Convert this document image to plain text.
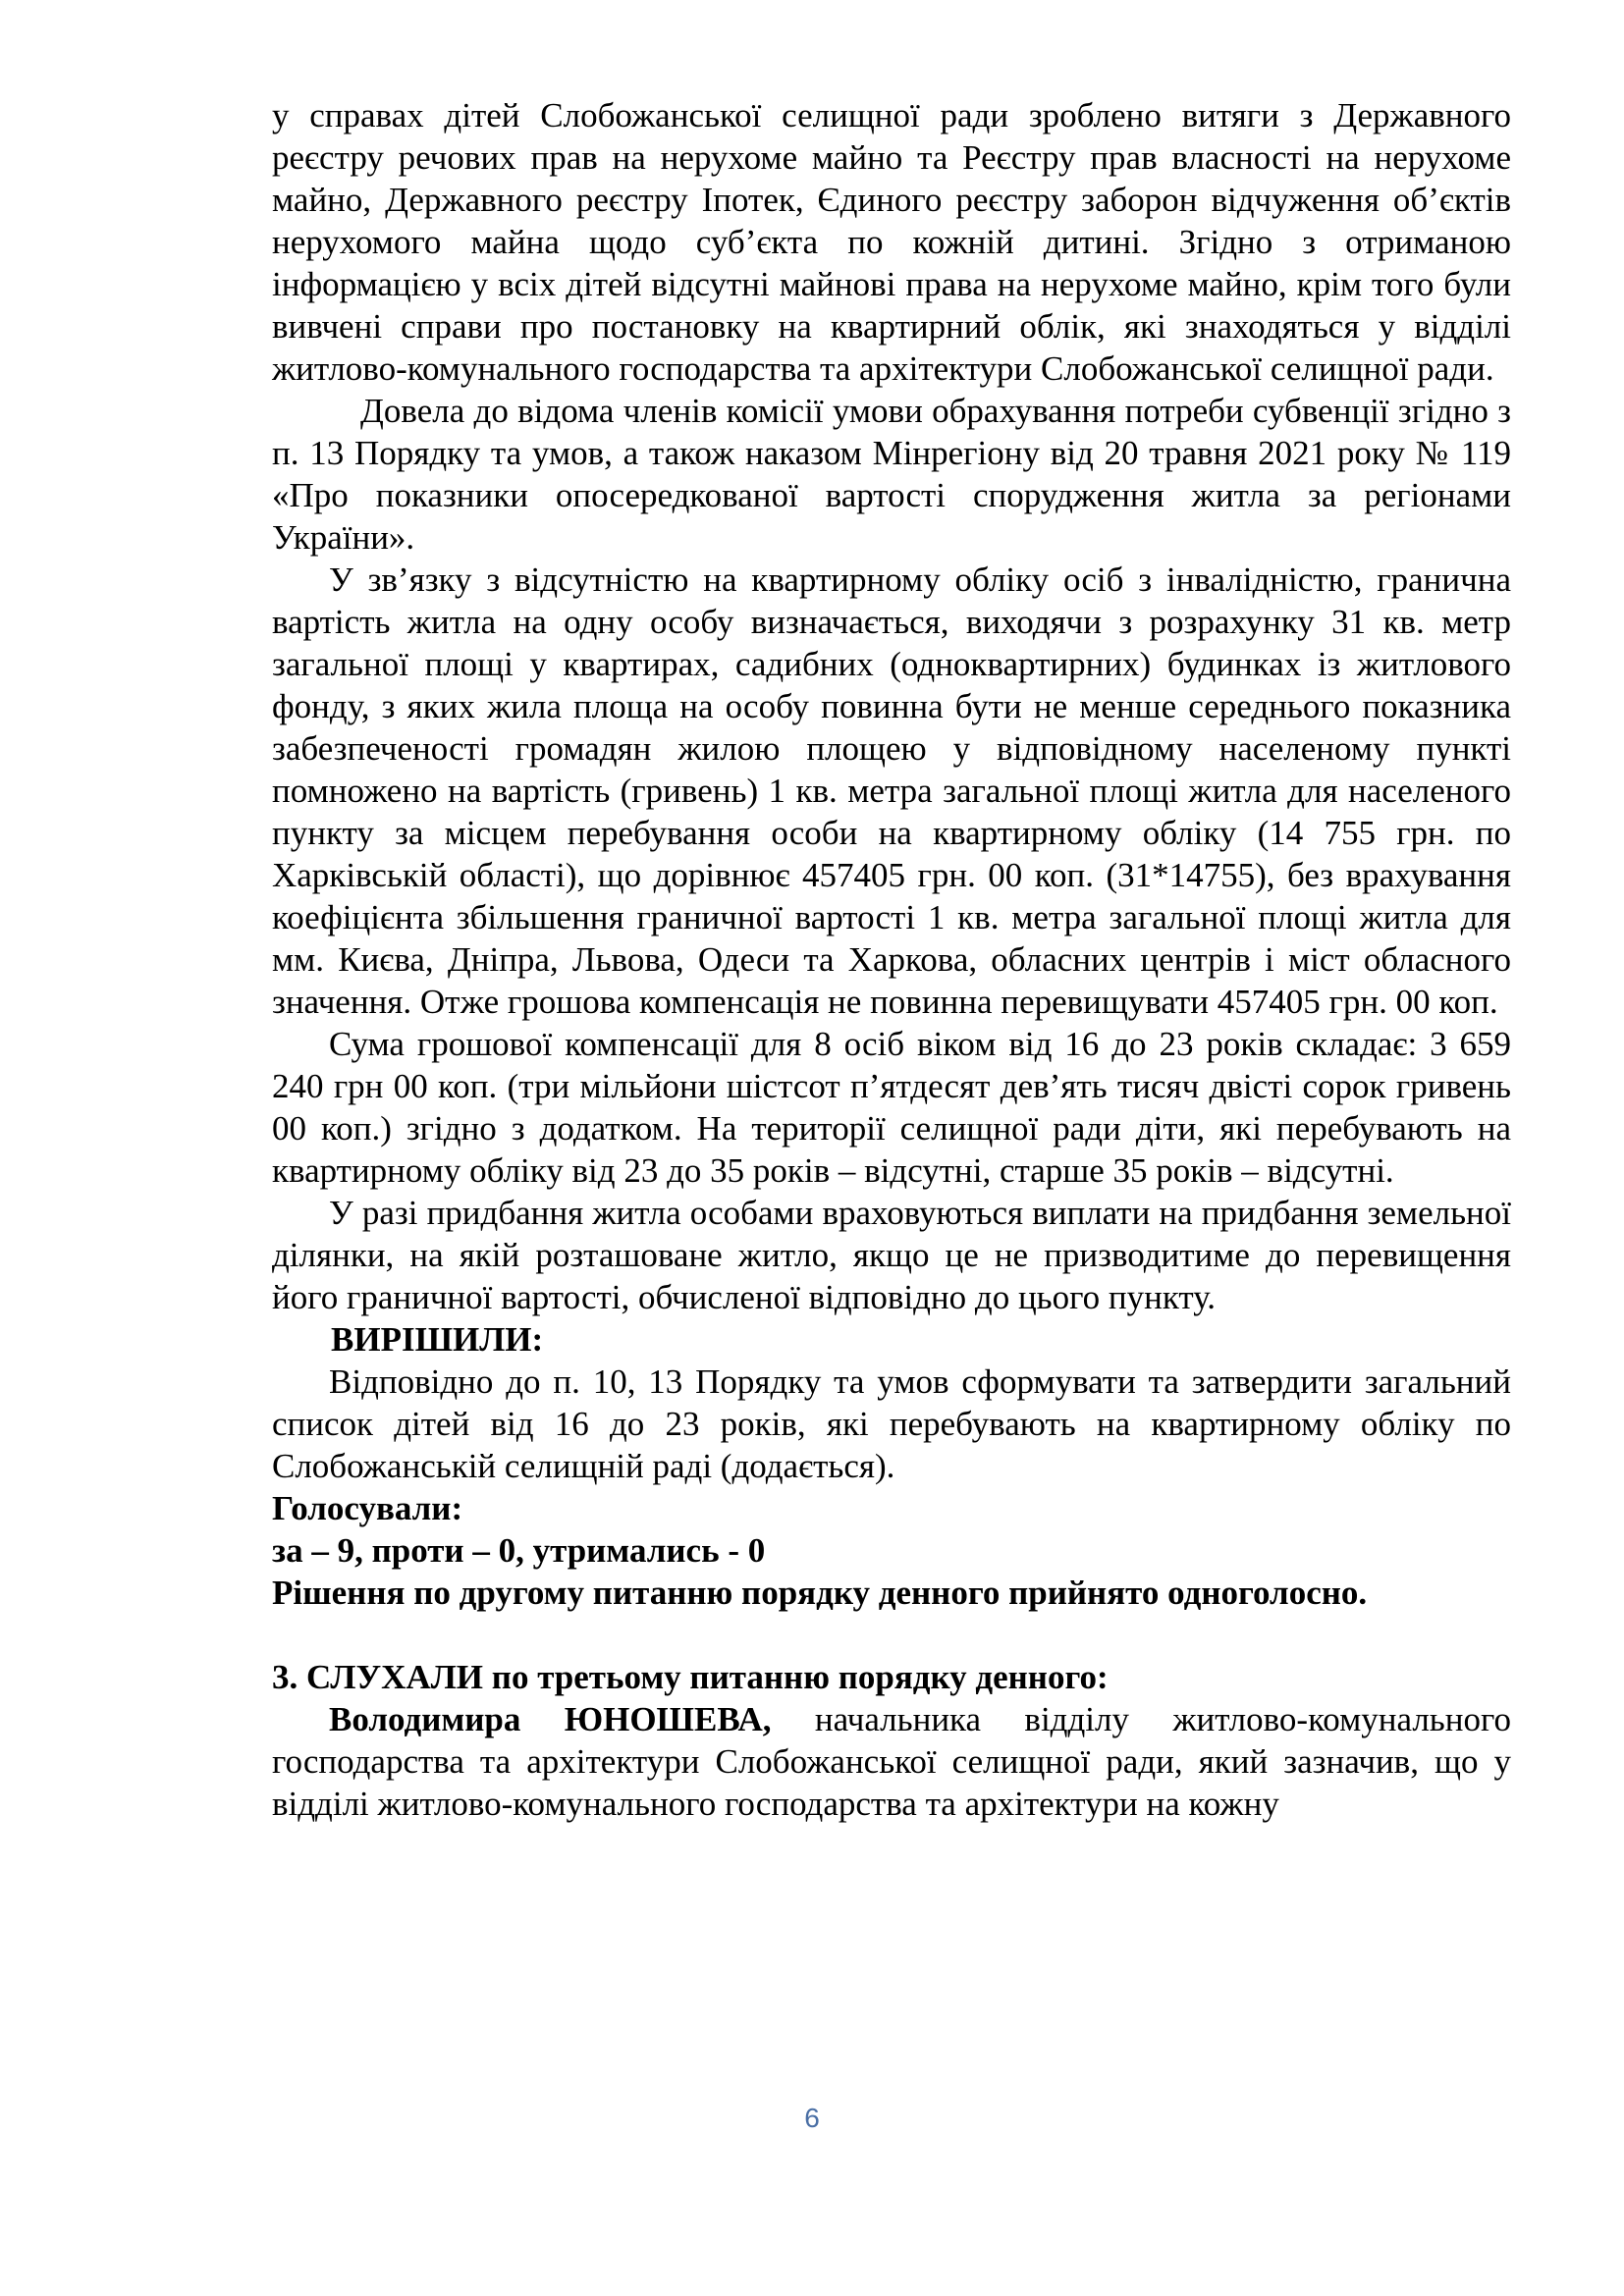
у справах дітей Слобожанської селищної ради зроблено витяги з Державного реєстру речових прав на нерухоме майно та Реєстру прав власності на нерухоме майно, Державного реєстру Іпотек, Єдиного реєстру заборон відчуження об’єктів нерухомого майна щодо суб’єкта по кожній дитині. Згідно з отриманою інформацією у всіх дітей відсутні майнові права на нерухоме майно, крім того були вивчені справи про постановку на квартирний облік, які знаходяться у відділі житлово-комунального господарства та архітектури Слобожанської селищної ради.

Довела до відома членів комісії умови обрахування потреби субвенції згідно з п. 13 Порядку та умов, а також наказом Мінрегіону від 20 травня 2021 року № 119 «Про показники опосередкованої вартості спорудження житла за регіонами України».

У зв’язку з відсутністю на квартирному обліку осіб з інвалідністю, гранична вартість житла на одну особу визначається, виходячи з розрахунку 31 кв. метр загальної площі у квартирах, садибних (одноквартирних) будинках із житлового фонду, з яких жила площа на особу повинна бути не менше середнього показника забезпеченості громадян жилою площею у відповідному населеному пункті помножено на вартість (гривень) 1 кв. метра загальної площі житла для населеного пункту за місцем перебування особи на квартирному обліку (14 755 грн. по Харківській області), що дорівнює 457405 грн. 00 коп. (31*14755), без врахування коефіцієнта збільшення граничної вартості 1 кв. метра загальної площі житла для мм. Києва, Дніпра, Львова, Одеси та Харкова, обласних центрів і міст обласного значення. Отже грошова компенсація не повинна перевищувати 457405 грн. 00 коп.

Сума грошової компенсації для 8 осіб віком від 16 до 23 років складає: 3 659 240 грн 00 коп. (три мільйони шістсот п’ятдесят дев’ять тисяч двісті сорок гривень 00 коп.) згідно з додатком. На території селищної ради діти, які перебувають на квартирному обліку від 23 до 35 років – відсутні, старше 35 років – відсутні.

У разі придбання житла особами враховуються виплати на придбання земельної ділянки, на якій розташоване житло, якщо це не призводитиме до перевищення його граничної вартості, обчисленої відповідно до цього пункту.

ВИРІШИЛИ:

Відповідно до п. 10, 13 Порядку та умов сформувати та затвердити загальний список дітей від 16 до 23 років, які перебувають на квартирному обліку по Слобожанській селищній раді (додається).

Голосували:

за – 9, проти – 0, утримались - 0

Рішення по другому питанню порядку денного прийнято одноголосно.

3. СЛУХАЛИ по третьому питанню порядку денного:

Володимира ЮНОШЕВА, начальника відділу житлово-комунального господарства та архітектури Слобожанської селищної ради, який зазначив, що у відділі житлово-комунального господарства та архітектури на кожну

6
